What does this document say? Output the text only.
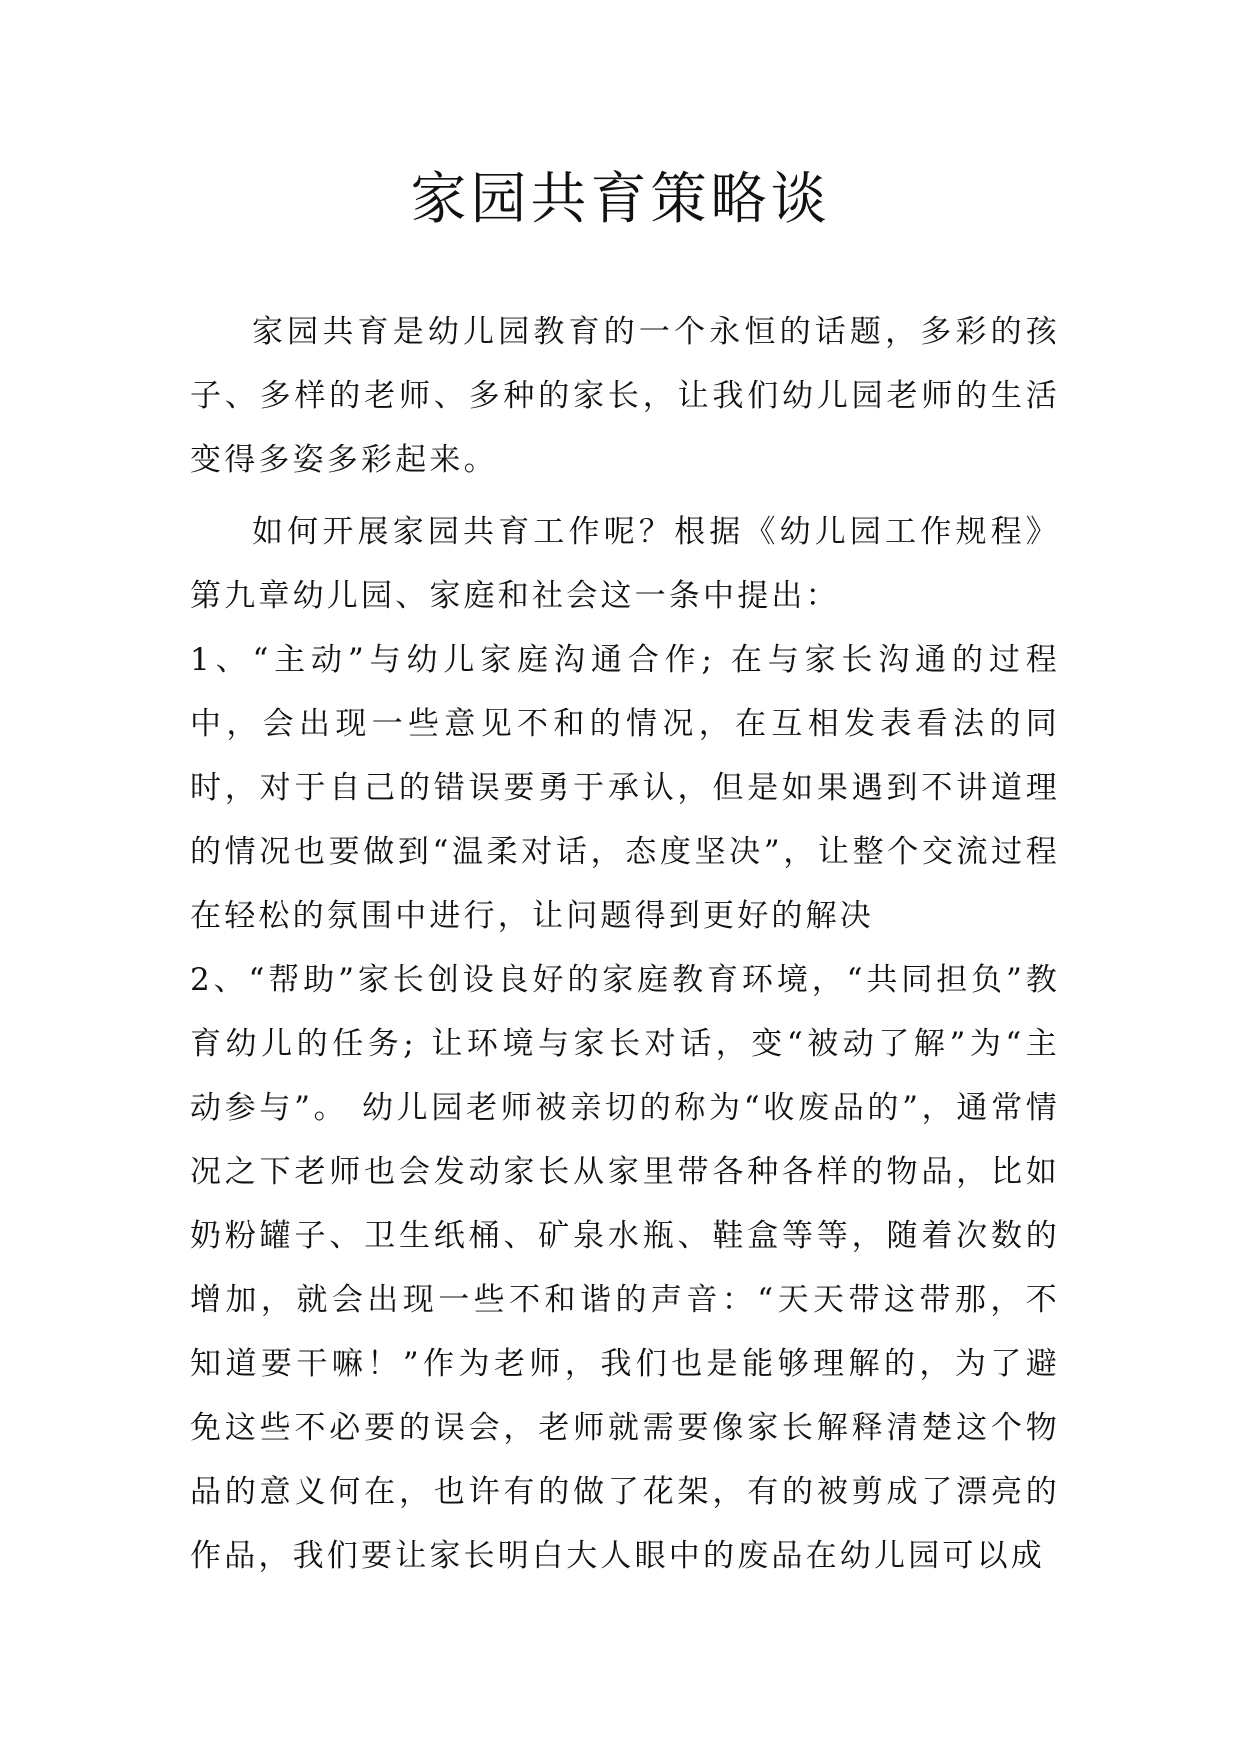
家园共育策略谈

家园共育是幼儿园教育的一个永恒的话题，多彩的孩子、多样的老师、多种的家长，让我们幼儿园老师的生活变得多姿多彩起来。

如何开展家园共育工作呢？根据《幼儿园工作规程》第九章幼儿园、家庭和社会这一条中提出：

1、“主动”与幼儿家庭沟通合作; 在与家长沟通的过程中，会出现一些意见不和的情况，在互相发表看法的同时，对于自己的错误要勇于承认，但是如果遇到不讲道理的情况也要做到“温柔对话，态度坚决”，让整个交流过程在轻松的氛围中进行，让问题得到更好的解决

2、“帮助”家长创设良好的家庭教育环境，“共同担负”教育幼儿的任务; 让环境与家长对话，变“被动了解”为“主动参与”。 幼儿园老师被亲切的称为“收废品的”，通常情况之下老师也会发动家长从家里带各种各样的物品，比如奶粉罐子、卫生纸桶、矿泉水瓶、鞋盒等等，随着次数的增加，就会出现一些不和谐的声音：“天天带这带那，不知道要干嘛！”作为老师，我们也是能够理解的，为了避免这些不必要的误会，老师就需要像家长解释清楚这个物品的意义何在，也许有的做了花架，有的被剪成了漂亮的作品，我们要让家长明白大人眼中的废品在幼儿园可以成
